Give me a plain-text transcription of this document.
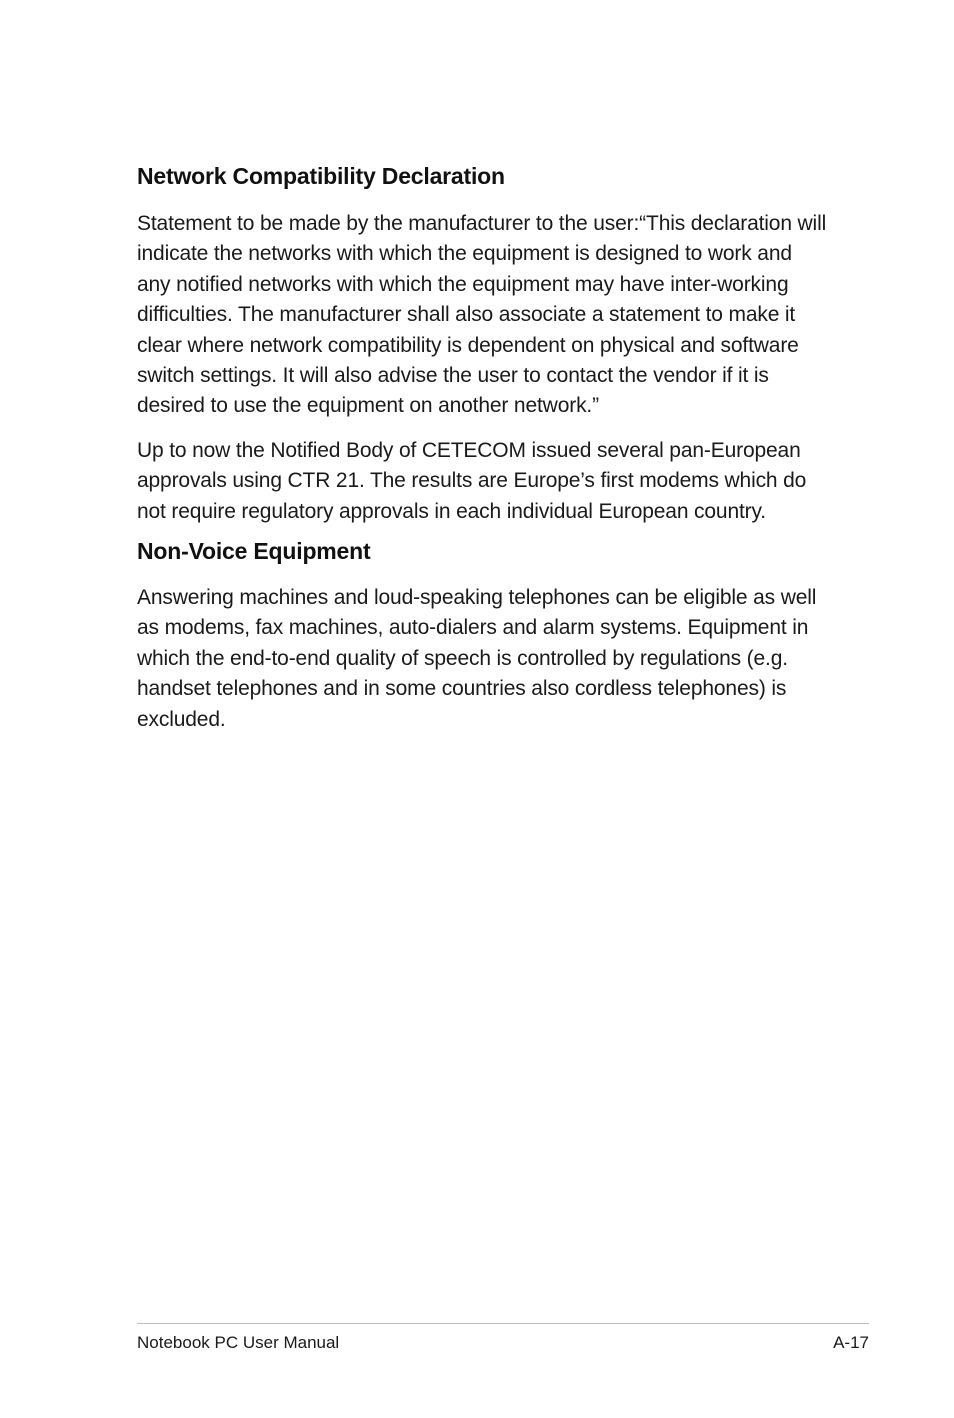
Network Compatibility Declaration

Statement to be made by the manufacturer to the user:“This declaration will indicate the networks with which the equipment is designed to work and any notified networks with which the equipment may have inter-working difficulties. The manufacturer shall also associate a statement to make it clear where network compatibility is dependent on physical and software switch settings. It will also advise the user to contact the vendor if it is desired to use the equipment on another network.”

Up to now the Notified Body of CETECOM issued several pan-European approvals using CTR 21. The results are Europe’s first modems which do not require regulatory approvals in each individual European country.

Non-Voice Equipment

Answering machines and loud-speaking telephones can be eligible as well as modems, fax machines, auto-dialers and alarm systems. Equipment in which the end-to-end quality of speech is controlled by regulations (e.g. handset telephones and in some countries also cordless telephones) is excluded.

Notebook PC User Manual	A-17
